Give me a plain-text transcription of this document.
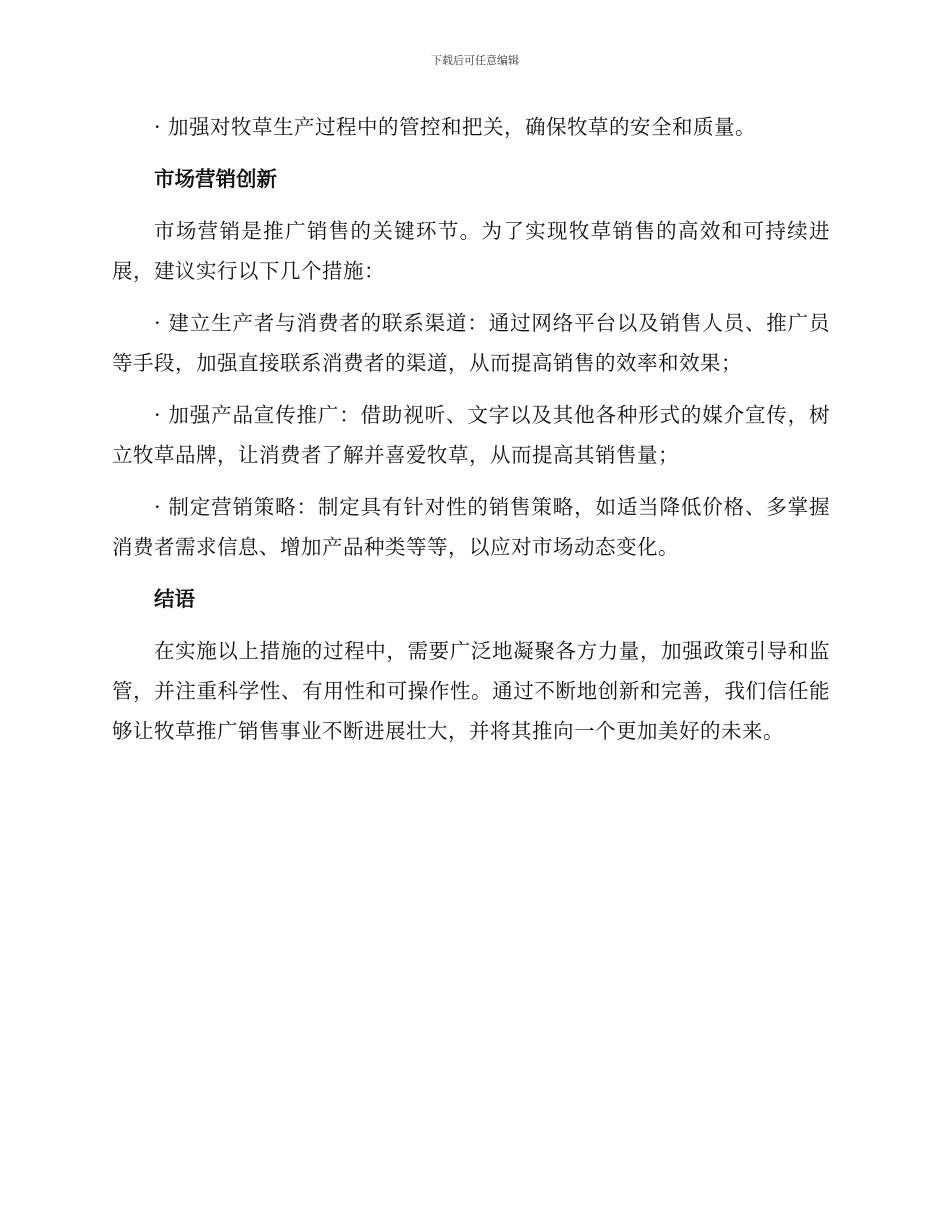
下载后可任意编辑

· 加强对牧草生产过程中的管控和把关，确保牧草的安全和质量。

市场营销创新

市场营销是推广销售的关键环节。为了实现牧草销售的高效和可持续进展，建议实行以下几个措施：

· 建立生产者与消费者的联系渠道：通过网络平台以及销售人员、推广员等手段，加强直接联系消费者的渠道，从而提高销售的效率和效果；

· 加强产品宣传推广：借助视听、文字以及其他各种形式的媒介宣传，树立牧草品牌，让消费者了解并喜爱牧草，从而提高其销售量；

· 制定营销策略：制定具有针对性的销售策略，如适当降低价格、多掌握消费者需求信息、增加产品种类等等，以应对市场动态变化。

结语

在实施以上措施的过程中，需要广泛地凝聚各方力量，加强政策引导和监管，并注重科学性、有用性和可操作性。通过不断地创新和完善，我们信任能够让牧草推广销售事业不断进展壮大，并将其推向一个更加美好的未来。
